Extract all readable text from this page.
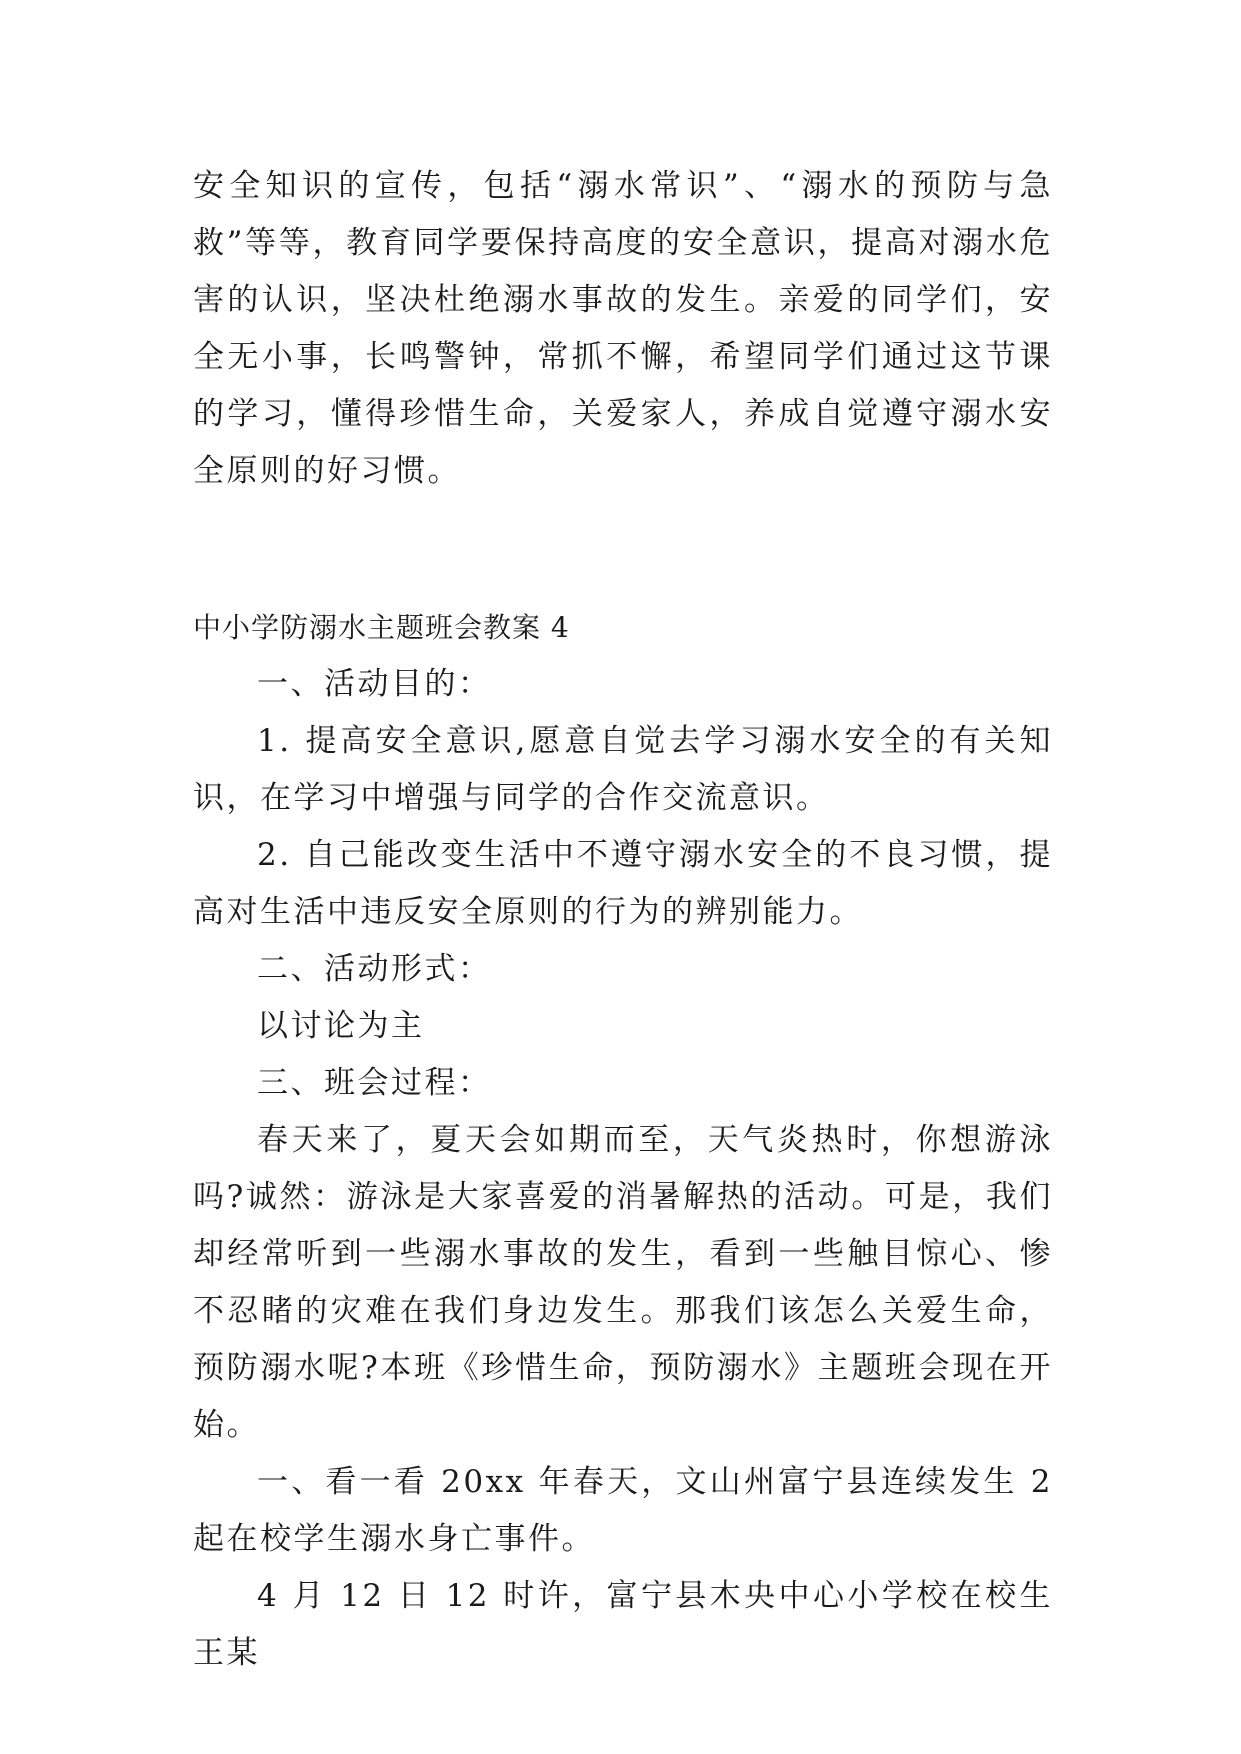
安全知识的宣传，包括“溺水常识”、“溺水的预防与急救”等等，教育同学要保持高度的安全意识，提高对溺水危害的认识，坚决杜绝溺水事故的发生。亲爱的同学们，安全无小事，长鸣警钟，常抓不懈，希望同学们通过这节课的学习，懂得珍惜生命，关爱家人，养成自觉遵守溺水安全原则的好习惯。

中小学防溺水主题班会教案 4

一、活动目的：

1. 提高安全意识,愿意自觉去学习溺水安全的有关知识，在学习中增强与同学的合作交流意识。

2. 自己能改变生活中不遵守溺水安全的不良习惯，提高对生活中违反安全原则的行为的辨别能力。

二、活动形式：

以讨论为主

三、班会过程：

春天来了，夏天会如期而至，天气炎热时，你想游泳吗?诚然：游泳是大家喜爱的消暑解热的活动。可是，我们却经常听到一些溺水事故的发生，看到一些触目惊心、惨不忍睹的灾难在我们身边发生。那我们该怎么关爱生命，预防溺水呢?本班《珍惜生命，预防溺水》主题班会现在开始。

一、看一看 20xx 年春天，文山州富宁县连续发生 2 起在校学生溺水身亡事件。

4 月 12 日 12 时许，富宁县木央中心小学校在校生王某
